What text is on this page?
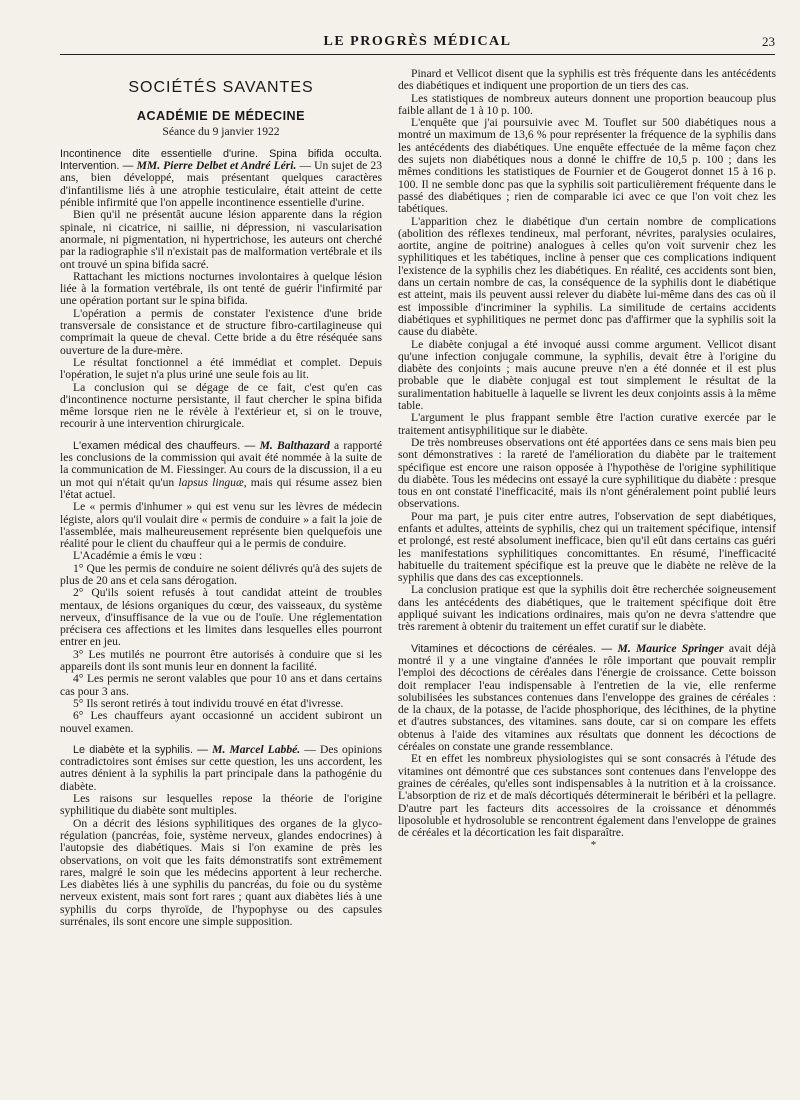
LE PROGRÈS MÉDICAL	23
SOCIÉTÉS SAVANTES
ACADÉMIE DE MÉDECINE
Séance du 9 janvier 1922

Incontinence dite essentielle d'urine. Spina bifida occulta. Intervention. — MM. Pierre Delbet et André Léri. — Un sujet de 23 ans, bien développé, mais présentant quelques caractères d'infantilisme liés à une atrophie testiculaire, était atteint de cette pénible infirmité que l'on appelle incontinence essentielle d'urine.

Bien qu'il ne présentât aucune lésion apparente dans la région spinale, ni cicatrice, ni saillie, ni dépression, ni vascularisation anormale, ni pigmentation, ni hypertrichose, les auteurs ont cherché par la radiographie s'il n'existait pas de malformation vertébrale et ils ont trouvé un spina bifida sacré.

Rattachant les mictions nocturnes involontaires à quelque lésion liée à la formation vertébrale, ils ont tenté de guérir l'infirmité par une opération portant sur le spina bifida.

L'opération a permis de constater l'existence d'une bride transversale de consistance et de structure fibro-cartilagineuse qui comprimait la queue de cheval. Cette bride a du être réséquée sans ouverture de la dure-mère.

Le résultat fonctionnel a été immédiat et complet. Depuis l'opération, le sujet n'a plus uriné une seule fois au lit.

La conclusion qui se dégage de ce fait, c'est qu'en cas d'incontinence nocturne persistante, il faut chercher le spina bifida même lorsque rien ne le révèle à l'extérieur et, si on le trouve, recourir à une intervention chirurgicale.

L'examen médical des chauffeurs. — M. Balthazard a rapporté les conclusions de la commission qui avait été nommée à la suite de la communication de M. Fiessinger. Au cours de la discussion, il a eu un mot qui n'était qu'un lapsus linguæ, mais qui résume assez bien l'état actuel.

Le « permis d'inhumer » qui est venu sur les lèvres de médecin légiste, alors qu'il voulait dire « permis de conduire » a fait la joie de l'assemblée, mais malheureusement représente bien quelquefois une réalité pour le client du chauffeur qui a le permis de conduire.

L'Académie a émis le vœu :

1° Que les permis de conduire ne soient délivrés qu'à des sujets de plus de 20 ans et cela sans dérogation.

2° Qu'ils soient refusés à tout candidat atteint de troubles mentaux, de lésions organiques du cœur, des vaisseaux, du système nerveux, d'insuffisance de la vue ou de l'ouïe. Une réglementation précisera ces affections et les limites dans lesquelles elles pourront entrer en jeu.

3° Les mutilés ne pourront être autorisés à conduire que si les appareils dont ils sont munis leur en donnent la facilité.

4° Les permis ne seront valables que pour 10 ans et dans certains cas pour 3 ans.

5° Ils seront retirés à tout individu trouvé en état d'ivresse.

6° Les chauffeurs ayant occasionné un accident subiront un nouvel examen.

Le diabète et la syphilis. — M. Marcel Labbé. — Des opinions contradictoires sont émises sur cette question, les uns accordent, les autres dénient à la syphilis la part principale dans la pathogénie du diabète.

Les raisons sur lesquelles repose la théorie de l'origine syphilitique du diabète sont multiples.

On a décrit des lésions syphilitiques des organes de la glyco-régulation (pancréas, foie, système nerveux, glandes endocrines) à l'autopsie des diabétiques. Mais si l'on examine de près les observations, on voit que les faits démonstratifs sont extrêmement rares, malgré le soin que les médecins apportent à leur recherche. Les diabètes liés à une syphilis du pancréas, du foie ou du système nerveux existent, mais sont fort rares ; quant aux diabètes liés à une syphilis du corps thyroïde, de l'hypophyse ou des capsules surrénales, ils sont encore une simple supposition.

Pinard et Vellicot disent que la syphilis est très fréquente dans les antécédents des diabétiques et indiquent une proportion de un tiers des cas.

Les statistiques de nombreux auteurs donnent une proportion beaucoup plus faible allant de 1 à 10 p. 100.

L'enquête que j'ai poursuivie avec M. Touflet sur 500 diabétiques nous a montré un maximum de 13,6 % pour représenter la fréquence de la syphilis dans les antécédents des diabétiques. Une enquête effectuée de la même façon chez des sujets non diabétiques nous a donné le chiffre de 10,5 p. 100 ; dans les mêmes conditions les statistiques de Fournier et de Gougerot donnet 15 à 16 p. 100. Il ne semble donc pas que la syphilis soit particulièrement fréquente dans le passé des diabétiques ; rien de comparable ici avec ce que l'on voit chez les tabétiques.

L'apparition chez le diabétique d'un certain nombre de complications (abolition des réflexes tendineux, mal perforant, névrites, paralysies oculaires, aortite, angine de poitrine) analogues à celles qu'on voit survenir chez les syphilitiques et les tabétiques, incline à penser que ces complications indiquent l'existence de la syphilis chez les diabétiques. En réalité, ces accidents sont bien, dans un certain nombre de cas, la conséquence de la syphilis dont le diabétique est atteint, mais ils peuvent aussi relever du diabète lui-même dans des cas où il est impossible d'incriminer la syphilis. La similitude de certains accidents diabétiques et syphilitiques ne permet donc pas d'affirmer que la syphilis soit la cause du diabète.

Le diabète conjugal a été invoqué aussi comme argument. Vellicot disant qu'une infection conjugale commune, la syphilis, devait être à l'origine du diabète des conjoints ; mais aucune preuve n'en a été donnée et il est plus probable que le diabète conjugal est tout simplement le résultat de la suralimentation habituelle à laquelle se livrent les deux conjoints assis à la même table.

L'argument le plus frappant semble être l'action curative exercée par le traitement antisyphilitique sur le diabète.

De très nombreuses observations ont été apportées dans ce sens mais bien peu sont démonstratives : la rareté de l'amélioration du diabète par le traitement spécifique est encore une raison opposée à l'hypothèse de l'origine syphilitique du diabète. Tous les médecins ont essayé la cure syphilitique du diabète : presque tous en ont constaté l'inefficacité, mais ils n'ont généralement point publié leurs observations.

Pour ma part, je puis citer entre autres, l'observation de sept diabétiques, enfants et adultes, atteints de syphilis, chez qui un traitement spécifique, intensif et prolongé, est resté absolument inefficace, bien qu'il eût dans certains cas guéri les manifestations syphilitiques concomittantes. En résumé, l'inefficacité habituelle du traitement spécifique est la preuve que le diabète ne relève de la syphilis que dans des cas exceptionnels.

La conclusion pratique est que la syphilis doit être recherchée soigneusement dans les antécédents des diabétiques, que le traitement spécifique doit être appliqué suivant les indications ordinaires, mais qu'on ne devra s'attendre que très rarement à obtenir du traitement un effet curatif sur le diabète.

Vitamines et décoctions de céréales. — M. Maurice Springer avait déjà montré il y a une vingtaine d'années le rôle important que pouvait remplir l'emploi des décoctions de céréales dans l'énergie de croissance. Cette boisson doit remplacer l'eau indispensable à l'entretien de la vie, elle renferme solubilisées les substances contenues dans l'enveloppe des graines de céréales : de la chaux, de la potasse, de l'acide phosphorique, des lécithines, de la phytine et d'autres substances, des vitamines. sans doute, car si on compare les effets obtenus à l'aide des vitamines aux résultats que donnent les décoctions de céréales on constate une grande ressemblance.

Et en effet les nombreux physiologistes qui se sont consacrés à l'étude des vitamines ont démontré que ces substances sont contenues dans l'enveloppe des graines de céréales, qu'elles sont indispensables à la nutrition et à la croissance. L'absorption de riz et de maïs décortiqués déterminerait le béribéri et la pellagre. D'autre part les facteurs dits accessoires de la croissance et dénommés liposoluble et hydrosoluble se rencontrent également dans l'enveloppe de graines de céréales et la décortication les fait disparaître.

*
